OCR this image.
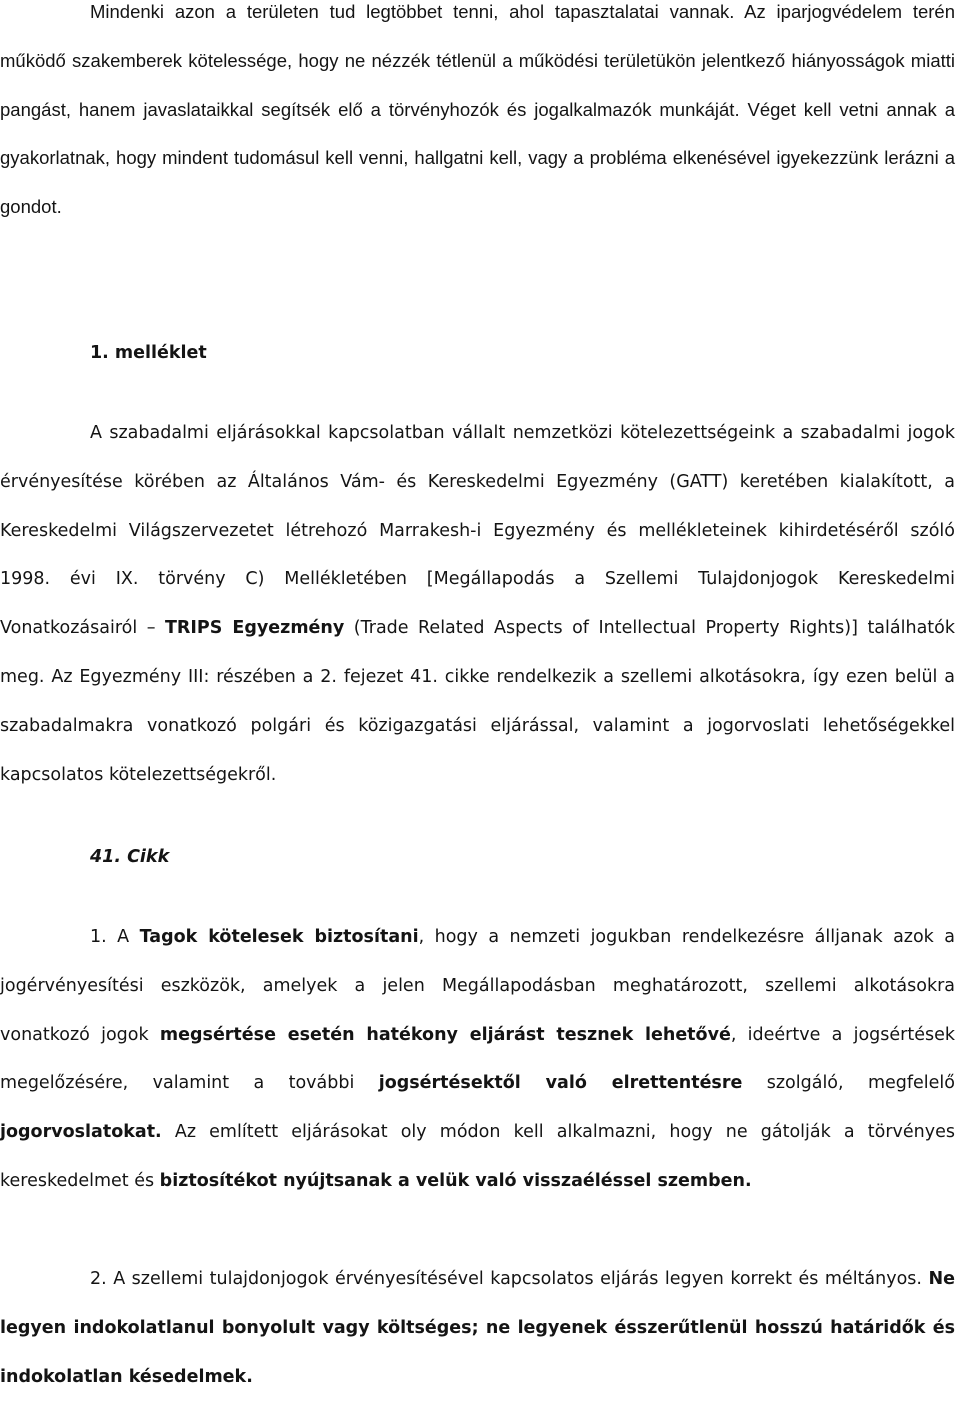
Mindenki azon a területen tud legtöbbet tenni, ahol tapasztalatai vannak. Az iparjogvédelem terén működő szakemberek kötelessége, hogy ne nézzék tétlenül a működési területükön jelentkező hiányosságok miatti pangást, hanem javaslataikkal segítsék elő a törvényhozók és jogalkalmazók munkáját. Véget kell vetni annak a gyakorlatnak, hogy mindent tudomásul kell venni, hallgatni kell, vagy a probléma elkenésével igyekezzünk lerázni a gondot.

1. melléklet

A szabadalmi eljárásokkal kapcsolatban vállalt nemzetközi kötelezettségeink a szabadalmi jogok érvényesítése körében az Általános Vám- és Kereskedelmi Egyezmény (GATT) keretében kialakított, a Kereskedelmi Világszervezetet létrehozó Marrakesh-i Egyezmény és mellékleteinek kihirdetéséről szóló 1998. évi IX. törvény C) Mellékletében [Megállapodás a Szellemi Tulajdonjogok Kereskedelmi Vonatkozásairól – TRIPS Egyezmény (Trade Related Aspects of Intellectual Property Rights)] találhatók meg. Az Egyezmény III: részében a 2. fejezet 41. cikke rendelkezik a szellemi alkotásokra, így ezen belül a szabadalmakra vonatkozó polgári és közigazgatási eljárással, valamint a jogorvoslati lehetőségekkel kapcsolatos kötelezettségekről.

41. Cikk

1. A Tagok kötelesek biztosítani, hogy a nemzeti jogukban rendelkezésre álljanak azok a jogérvényesítési eszközök, amelyek a jelen Megállapodásban meghatározott, szellemi alkotásokra vonatkozó jogok megsértése esetén hatékony eljárást tesznek lehetővé, ideértve a jogsértések megelőzésére, valamint a további jogsértésektől való elrettentésre szolgáló, megfelelő jogorvoslatokat. Az említett eljárásokat oly módon kell alkalmazni, hogy ne gátolják a törvényes kereskedelmet és biztosítékot nyújtsanak a velük való visszaéléssel szemben.

2. A szellemi tulajdonjogok érvényesítésével kapcsolatos eljárás legyen korrekt és méltányos. Ne legyen indokolatlanul bonyolult vagy költséges; ne legyenek ésszerűtlenül hosszú határidők és indokolatlan késedelmek.
